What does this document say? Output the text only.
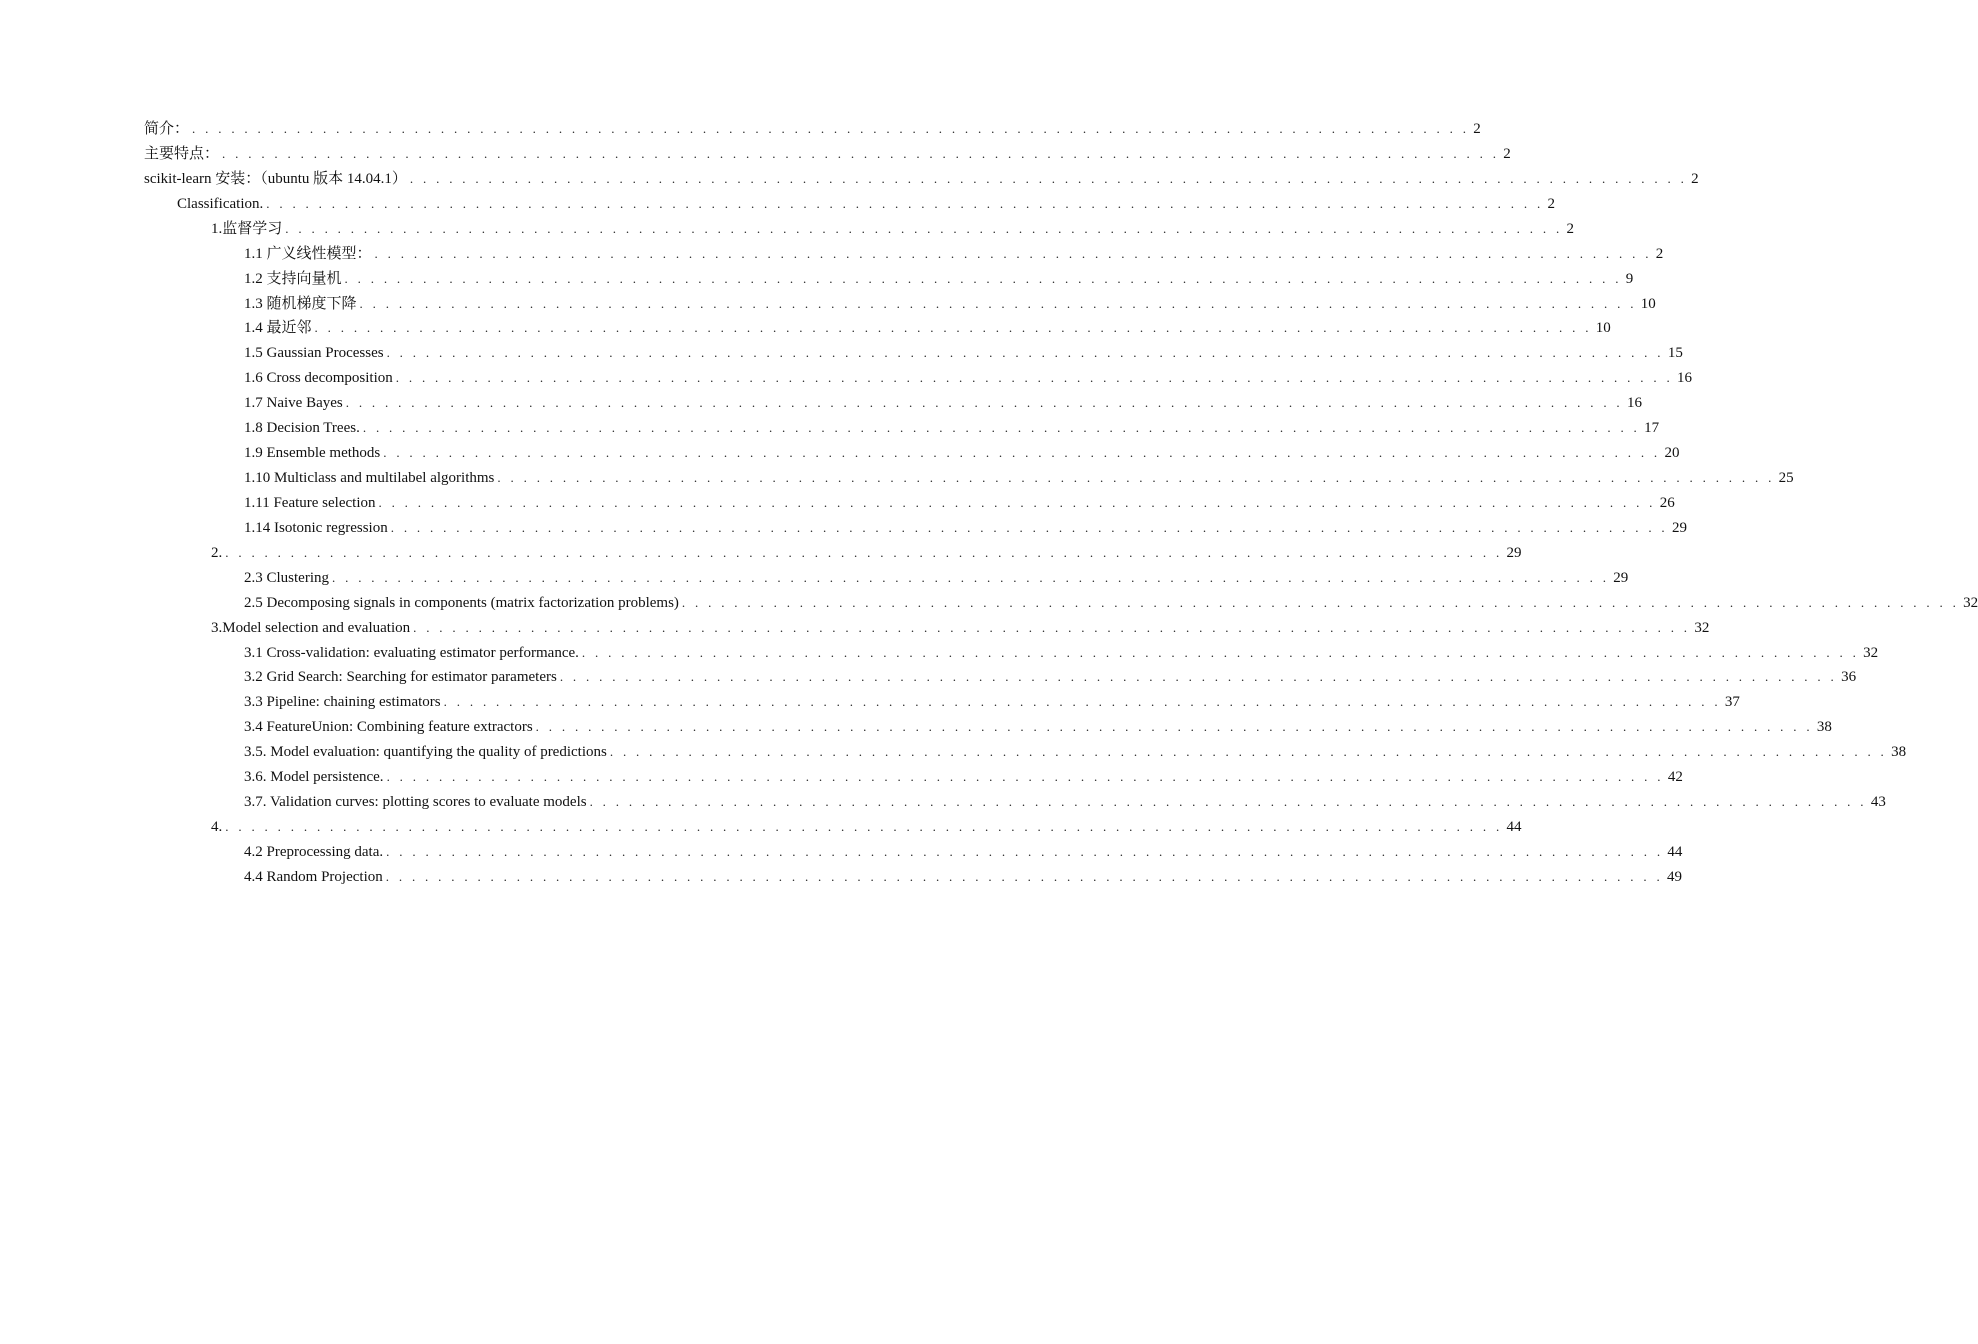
简介： . . . . . . . . . . . . . . . . . . . . . . . . . . . . . . . . . . . . . . . . . . . . . . . . . . . . . . . . . . . . . . . . . . . . . . . . . . . . . . . . . . . . . . . . . . . . . . . . . . 2
主要特点： . . . . . . . . . . . . . . . . . . . . . . . . . . . . . . . . . . . . . . . . . . . . . . . . . . . . . . . . . . . . . . . . . . . . . . . . . . . . . . . . . . . . . . . . . . . . . . . . . . 2
scikit-learn 安装：（ubuntu 版本 14.04.1） . . . . . . . . . . . . . . . . . . . . . . . . . . . . . . . . . . . . . . . . . . . . . . . . . . . . . . . . . . . . . . . . . . . . . . . . . . . . . . . . . . . . . . . . . . . . . . . . . . 2
Classification. . . . . . . . . . . . . . . . . . . . . . . . . . . . . . . . . . . . . . . . . . . . . . . . . . . . . . . . . . . . . . . . . . . . . . . . . . . . . . . . . . . . . . . . . . . . . . . . . . . 2
1.监督学习 . . . . . . . . . . . . . . . . . . . . . . . . . . . . . . . . . . . . . . . . . . . . . . . . . . . . . . . . . . . . . . . . . . . . . . . . . . . . . . . . . . . . . . . . . . . . . . . . . . 2
1.1 广义线性模型： . . . . . . . . . . . . . . . . . . . . . . . . . . . . . . . . . . . . . . . . . . . . . . . . . . . . . . . . . . . . . . . . . . . . . . . . . . . . . . . . . . . . . . . . . . . . . . . . . . 2
1.2 支持向量机 . . . . . . . . . . . . . . . . . . . . . . . . . . . . . . . . . . . . . . . . . . . . . . . . . . . . . . . . . . . . . . . . . . . . . . . . . . . . . . . . . . . . . . . . . . . . . . . . . . 9
1.3 随机梯度下降 . . . . . . . . . . . . . . . . . . . . . . . . . . . . . . . . . . . . . . . . . . . . . . . . . . . . . . . . . . . . . . . . . . . . . . . . . . . . . . . . . . . . . . . . . . . . . . . . . . 10
1.4 最近邻 . . . . . . . . . . . . . . . . . . . . . . . . . . . . . . . . . . . . . . . . . . . . . . . . . . . . . . . . . . . . . . . . . . . . . . . . . . . . . . . . . . . . . . . . . . . . . . . . . . 10
1.5 Gaussian Processes . . . . . . . . . . . . . . . . . . . . . . . . . . . . . . . . . . . . . . . . . . . . . . . . . . . . . . . . . . . . . . . . . . . . . . . . . . . . . . . . . . . . . . . . . . . . . . . . . . 15
1.6 Cross decomposition . . . . . . . . . . . . . . . . . . . . . . . . . . . . . . . . . . . . . . . . . . . . . . . . . . . . . . . . . . . . . . . . . . . . . . . . . . . . . . . . . . . . . . . . . . . . . . . . . . 16
1.7 Naive Bayes . . . . . . . . . . . . . . . . . . . . . . . . . . . . . . . . . . . . . . . . . . . . . . . . . . . . . . . . . . . . . . . . . . . . . . . . . . . . . . . . . . . . . . . . . . . . . . . . . . 16
1.8 Decision Trees. . . . . . . . . . . . . . . . . . . . . . . . . . . . . . . . . . . . . . . . . . . . . . . . . . . . . . . . . . . . . . . . . . . . . . . . . . . . . . . . . . . . . . . . . . . . . . . . . . . 17
1.9 Ensemble methods . . . . . . . . . . . . . . . . . . . . . . . . . . . . . . . . . . . . . . . . . . . . . . . . . . . . . . . . . . . . . . . . . . . . . . . . . . . . . . . . . . . . . . . . . . . . . . . . . . 20
1.10 Multiclass and multilabel algorithms . . . . . . . . . . . . . . . . . . . . . . . . . . . . . . . . . . . . . . . . . . . . . . . . . . . . . . . . . . . . . . . . . . . . . . . . . . . . . . . . . . . . . . . . . . . . . . . . . . 25
1.11 Feature selection . . . . . . . . . . . . . . . . . . . . . . . . . . . . . . . . . . . . . . . . . . . . . . . . . . . . . . . . . . . . . . . . . . . . . . . . . . . . . . . . . . . . . . . . . . . . . . . . . . 26
1.14 Isotonic regression . . . . . . . . . . . . . . . . . . . . . . . . . . . . . . . . . . . . . . . . . . . . . . . . . . . . . . . . . . . . . . . . . . . . . . . . . . . . . . . . . . . . . . . . . . . . . . . . . . 29
2. . . . . . . . . . . . . . . . . . . . . . . . . . . . . . . . . . . . . . . . . . . . . . . . . . . . . . . . . . . . . . . . . . . . . . . . . . . . . . . . . . . . . . . . . . . . . . . . . . . 29
2.3 Clustering . . . . . . . . . . . . . . . . . . . . . . . . . . . . . . . . . . . . . . . . . . . . . . . . . . . . . . . . . . . . . . . . . . . . . . . . . . . . . . . . . . . . . . . . . . . . . . . . . . 29
2.5 Decomposing signals in components (matrix factorization problems) . . . . . . . . . . . . . . . . . . . . . . . . . . . . . . . . . . . . . . . . . . . . . . . . . . . . . . . . . . . . . . . . . . . . . . . . . . . . . . . . . . . . . . . . . . . . . . . . . . 32
3.Model selection and evaluation . . . . . . . . . . . . . . . . . . . . . . . . . . . . . . . . . . . . . . . . . . . . . . . . . . . . . . . . . . . . . . . . . . . . . . . . . . . . . . . . . . . . . . . . . . . . . . . . . . 32
3.1 Cross-validation: evaluating estimator performance. . . . . . . . . . . . . . . . . . . . . . . . . . . . . . . . . . . . . . . . . . . . . . . . . . . . . . . . . . . . . . . . . . . . . . . . . . . . . . . . . . . . . . . . . . . . . . . . . . . 32
3.2 Grid Search: Searching for estimator parameters . . . . . . . . . . . . . . . . . . . . . . . . . . . . . . . . . . . . . . . . . . . . . . . . . . . . . . . . . . . . . . . . . . . . . . . . . . . . . . . . . . . . . . . . . . . . . . . . . . 36
3.3 Pipeline: chaining estimators . . . . . . . . . . . . . . . . . . . . . . . . . . . . . . . . . . . . . . . . . . . . . . . . . . . . . . . . . . . . . . . . . . . . . . . . . . . . . . . . . . . . . . . . . . . . . . . . . . 37
3.4 FeatureUnion: Combining feature extractors . . . . . . . . . . . . . . . . . . . . . . . . . . . . . . . . . . . . . . . . . . . . . . . . . . . . . . . . . . . . . . . . . . . . . . . . . . . . . . . . . . . . . . . . . . . . . . . . . . 38
3.5. Model evaluation: quantifying the quality of predictions . . . . . . . . . . . . . . . . . . . . . . . . . . . . . . . . . . . . . . . . . . . . . . . . . . . . . . . . . . . . . . . . . . . . . . . . . . . . . . . . . . . . . . . . . . . . . . . . . . 38
3.6. Model persistence. . . . . . . . . . . . . . . . . . . . . . . . . . . . . . . . . . . . . . . . . . . . . . . . . . . . . . . . . . . . . . . . . . . . . . . . . . . . . . . . . . . . . . . . . . . . . . . . . . . 42
3.7. Validation curves: plotting scores to evaluate models . . . . . . . . . . . . . . . . . . . . . . . . . . . . . . . . . . . . . . . . . . . . . . . . . . . . . . . . . . . . . . . . . . . . . . . . . . . . . . . . . . . . . . . . . . . . . . . . . . 43
4. . . . . . . . . . . . . . . . . . . . . . . . . . . . . . . . . . . . . . . . . . . . . . . . . . . . . . . . . . . . . . . . . . . . . . . . . . . . . . . . . . . . . . . . . . . . . . . . . . . 44
4.2 Preprocessing data. . . . . . . . . . . . . . . . . . . . . . . . . . . . . . . . . . . . . . . . . . . . . . . . . . . . . . . . . . . . . . . . . . . . . . . . . . . . . . . . . . . . . . . . . . . . . . . . . . . 44
4.4 Random Projection . . . . . . . . . . . . . . . . . . . . . . . . . . . . . . . . . . . . . . . . . . . . . . . . . . . . . . . . . . . . . . . . . . . . . . . . . . . . . . . . . . . . . . . . . . . . . . . . . . 49
